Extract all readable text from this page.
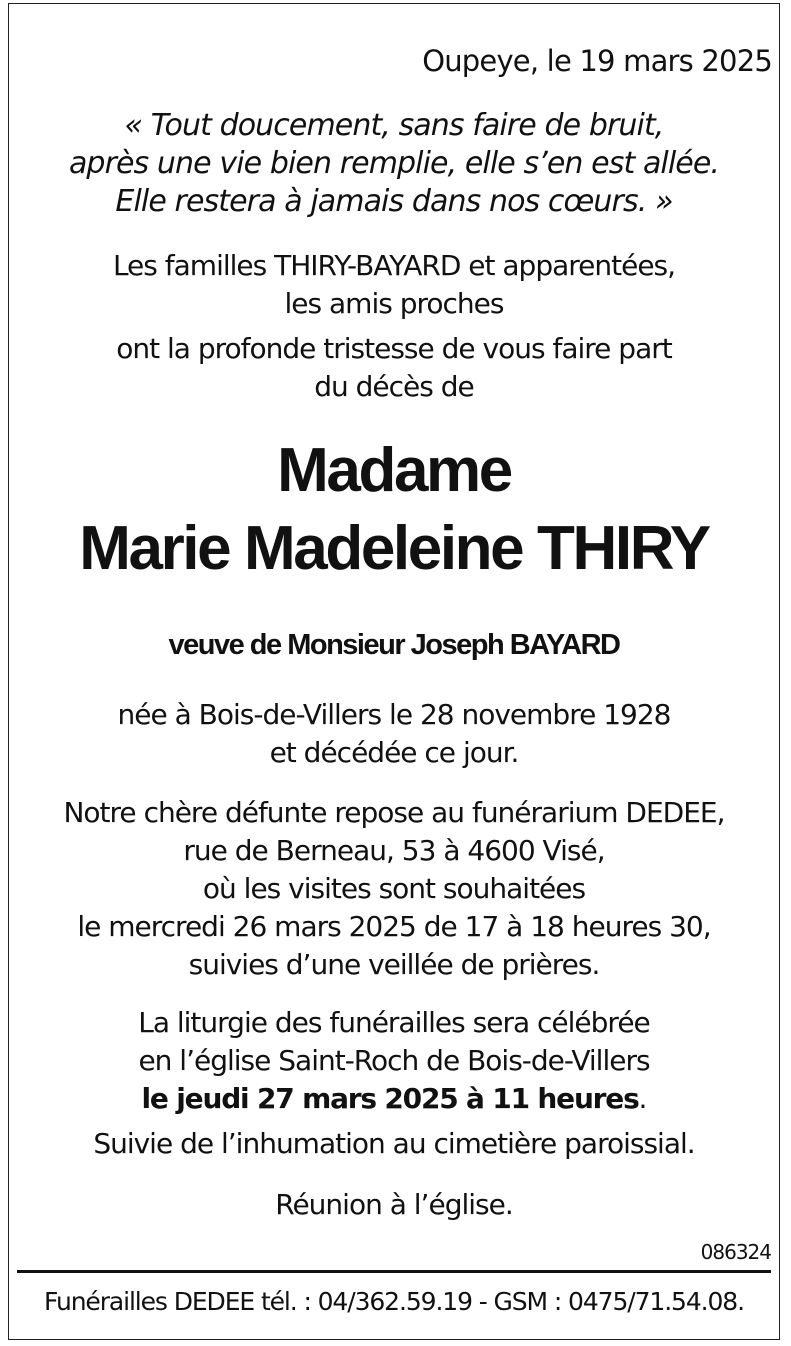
Oupeye, le 19 mars 2025
« Tout doucement, sans faire de bruit,
après une vie bien remplie, elle s’en est allée.
Elle restera à jamais dans nos cœurs. »
Les familles THIRY-BAYARD et apparentées,
les amis proches
ont la profonde tristesse de vous faire part
du décès de
Madame
Marie Madeleine THIRY
veuve de Monsieur Joseph BAYARD
née à Bois-de-Villers le 28 novembre 1928
et décédée ce jour.
Notre chère défunte repose au funérarium DEDEE,
rue de Berneau, 53 à 4600 Visé,
où les visites sont souhaitées
le mercredi 26 mars 2025 de 17 à 18 heures 30,
suivies d’une veillée de prières.
La liturgie des funérailles sera célébrée
en l’église Saint-Roch de Bois-de-Villers
le jeudi 27 mars 2025 à 11 heures.
Suivie de l’inhumation au cimetière paroissial.
Réunion à l’église.
086324
Funérailles DEDEE tél. : 04/362.59.19 - GSM : 0475/71.54.08.
